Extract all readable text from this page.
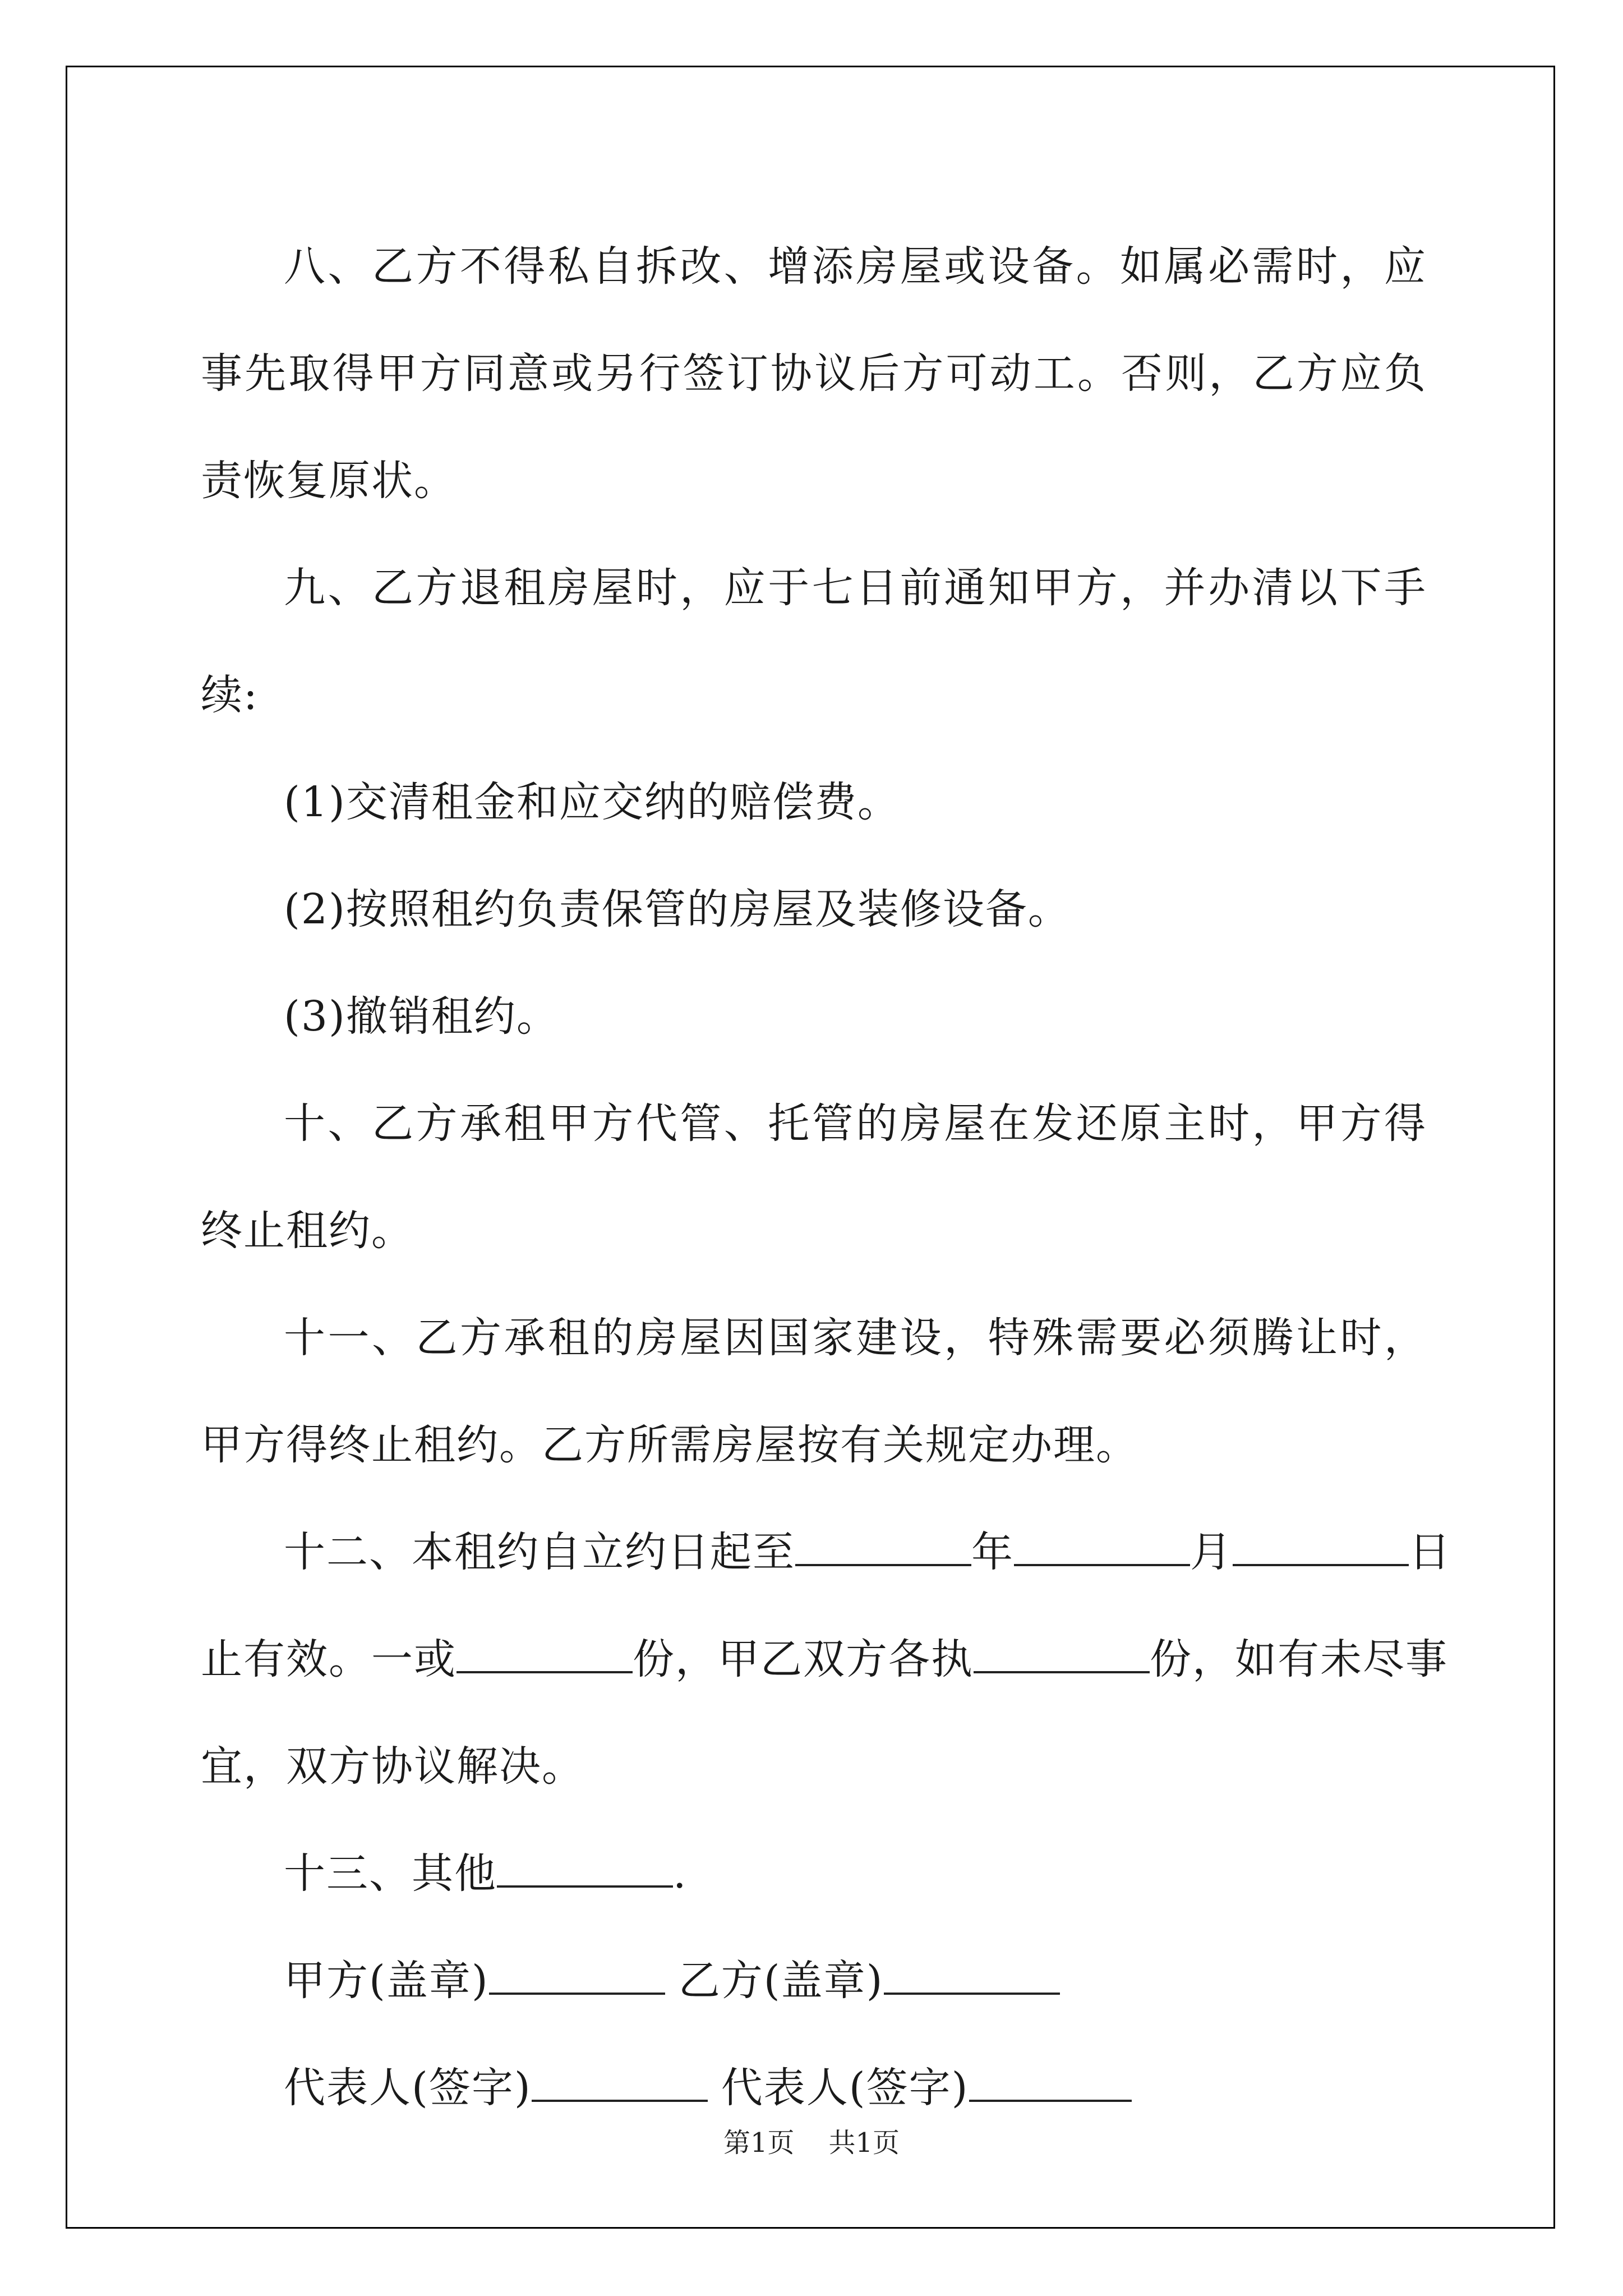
八、乙方不得私自拆改、增添房屋或设备。如属必需时，应事先取得甲方同意或另行签订协议后方可动工。否则，乙方应负责恢复原状。

九、乙方退租房屋时，应于七日前通知甲方，并办清以下手续:

(1)交清租金和应交纳的赔偿费。

(2)按照租约负责保管的房屋及装修设备。

(3)撤销租约。

十、乙方承租甲方代管、托管的房屋在发还原主时，甲方得终止租约。

十一、乙方承租的房屋因国家建设，特殊需要必须腾让时，甲方得终止租约。乙方所需房屋按有关规定办理。

十二、本租约自立约日起至	年	月	日
止有效。一或	份，甲乙双方各执	份，如有未尽事
宜，双方协议解决。
十三、其他	.
甲方(盖章)	乙方(盖章)
代表人(签字)	代表人(签字)
第1页 共1页
